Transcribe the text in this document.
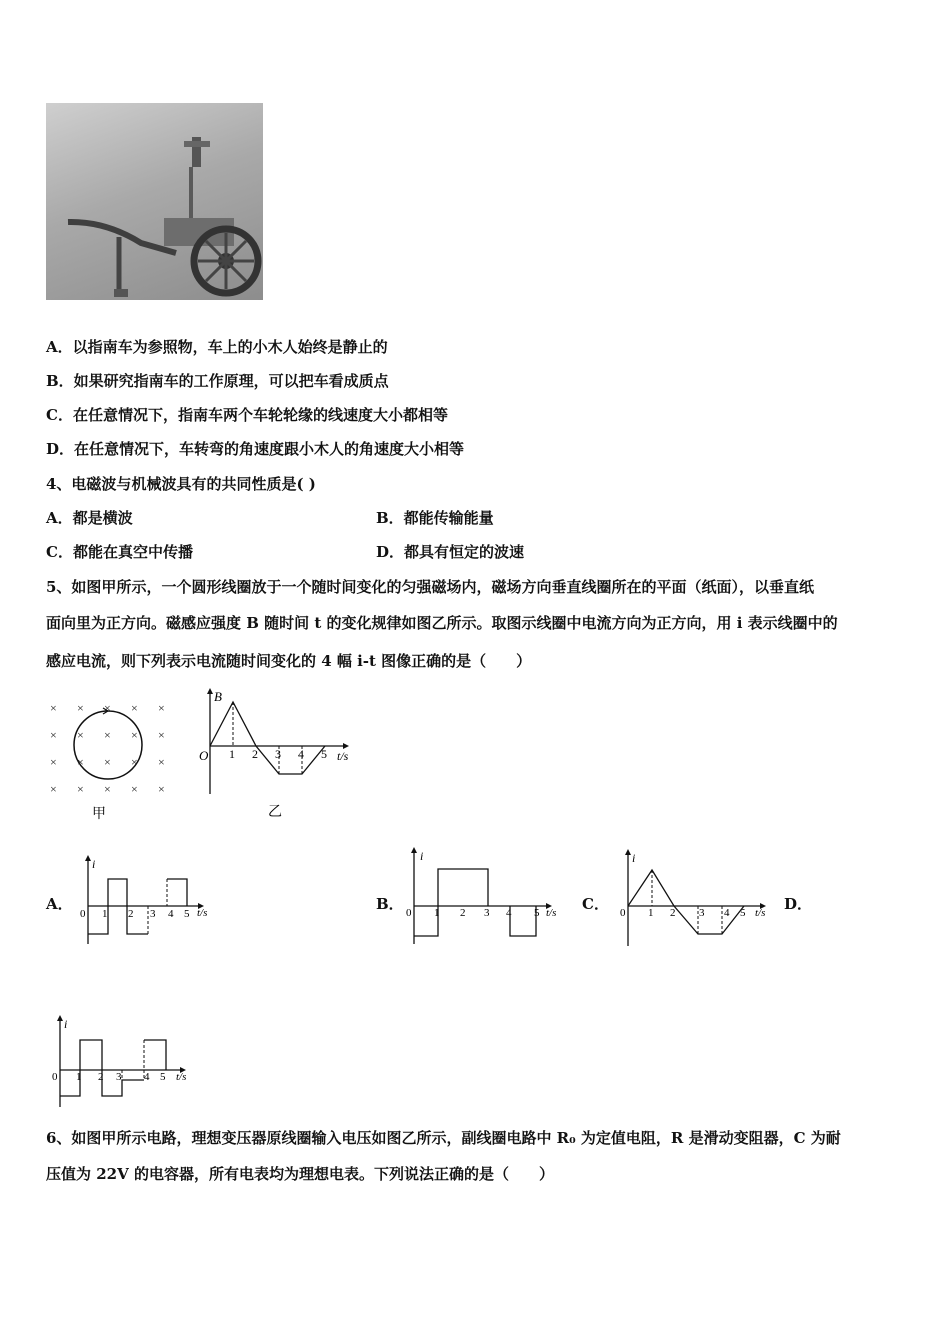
A．以指南车为参照物，车上的小木人始终是静止的
B．如果研究指南车的工作原理，可以把车看成质点
C．在任意情况下，指南车两个车轮轮缘的线速度大小都相等
D．在任意情况下，车转弯的角速度跟小木人的角速度大小相等
4、电磁波与机械波具有的共同性质是( )
A．都是横波	B．都能传输能量
C．都能在真空中传播	D．都具有恒定的波速
5、如图甲所示，一个圆形线圈放于一个随时间变化的匀强磁场内，磁场方向垂直线圈所在的平面（纸面），以垂直纸
面向里为正方向。磁感应强度 B 随时间 t 的变化规律如图乙所示。取图示线圈中电流方向为正方向，用 i 表示线圈中的
感应电流，则下列表示电流随时间变化的 4 幅 i-t 图像正确的是（　　）
× × × × ×
× × × × ×
× × × × ×
× × × × ×
甲
B
O	t/s
1 2 3 4 5
乙
A．
i
0	t/s
1 2 3 4 5
B．
i
0	t/s
1 2 3 4 5	C．
i
0	t/s
1 2 3 4 5	D．
i
0	t/s
1 2 3 4 5
6、如图甲所示电路，理想变压器原线圈输入电压如图乙所示，副线圈电路中 R₀ 为定值电阻，R 是滑动变阻器，C 为耐
压值为 22V 的电容器，所有电表均为理想电表。下列说法正确的是（　　）
